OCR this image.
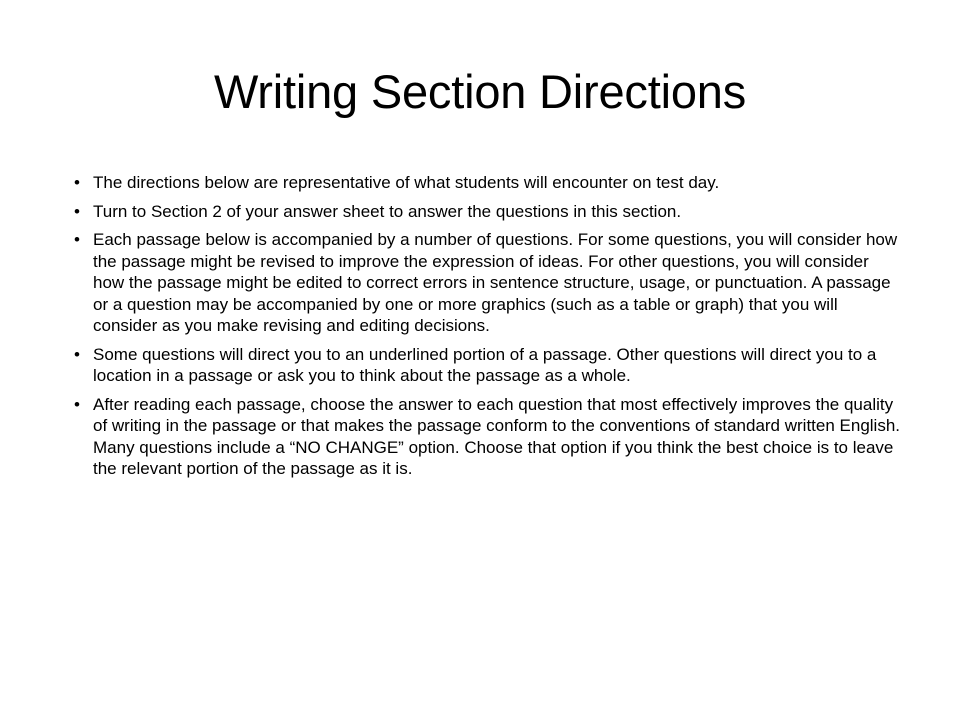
Writing Section Directions
• The directions below are representative of what students will encounter on test day.
• Turn to Section 2 of your answer sheet to answer the questions in this section.
• Each passage below is accompanied by a number of questions. For some questions, you will consider how the passage might be revised to improve the expression of ideas. For other questions, you will consider how the passage might be edited to correct errors in sentence structure, usage, or punctuation. A passage or a question may be accompanied by one or more graphics (such as a table or graph) that you will consider as you make revising and editing decisions.
• Some questions will direct you to an underlined portion of a passage. Other questions will direct you to a location in a passage or ask you to think about the passage as a whole.
• After reading each passage, choose the answer to each question that most effectively improves the quality of writing in the passage or that makes the passage conform to the conventions of standard written English. Many questions include a “NO CHANGE” option. Choose that option if you think the best choice is to leave the relevant portion of the passage as it is.
